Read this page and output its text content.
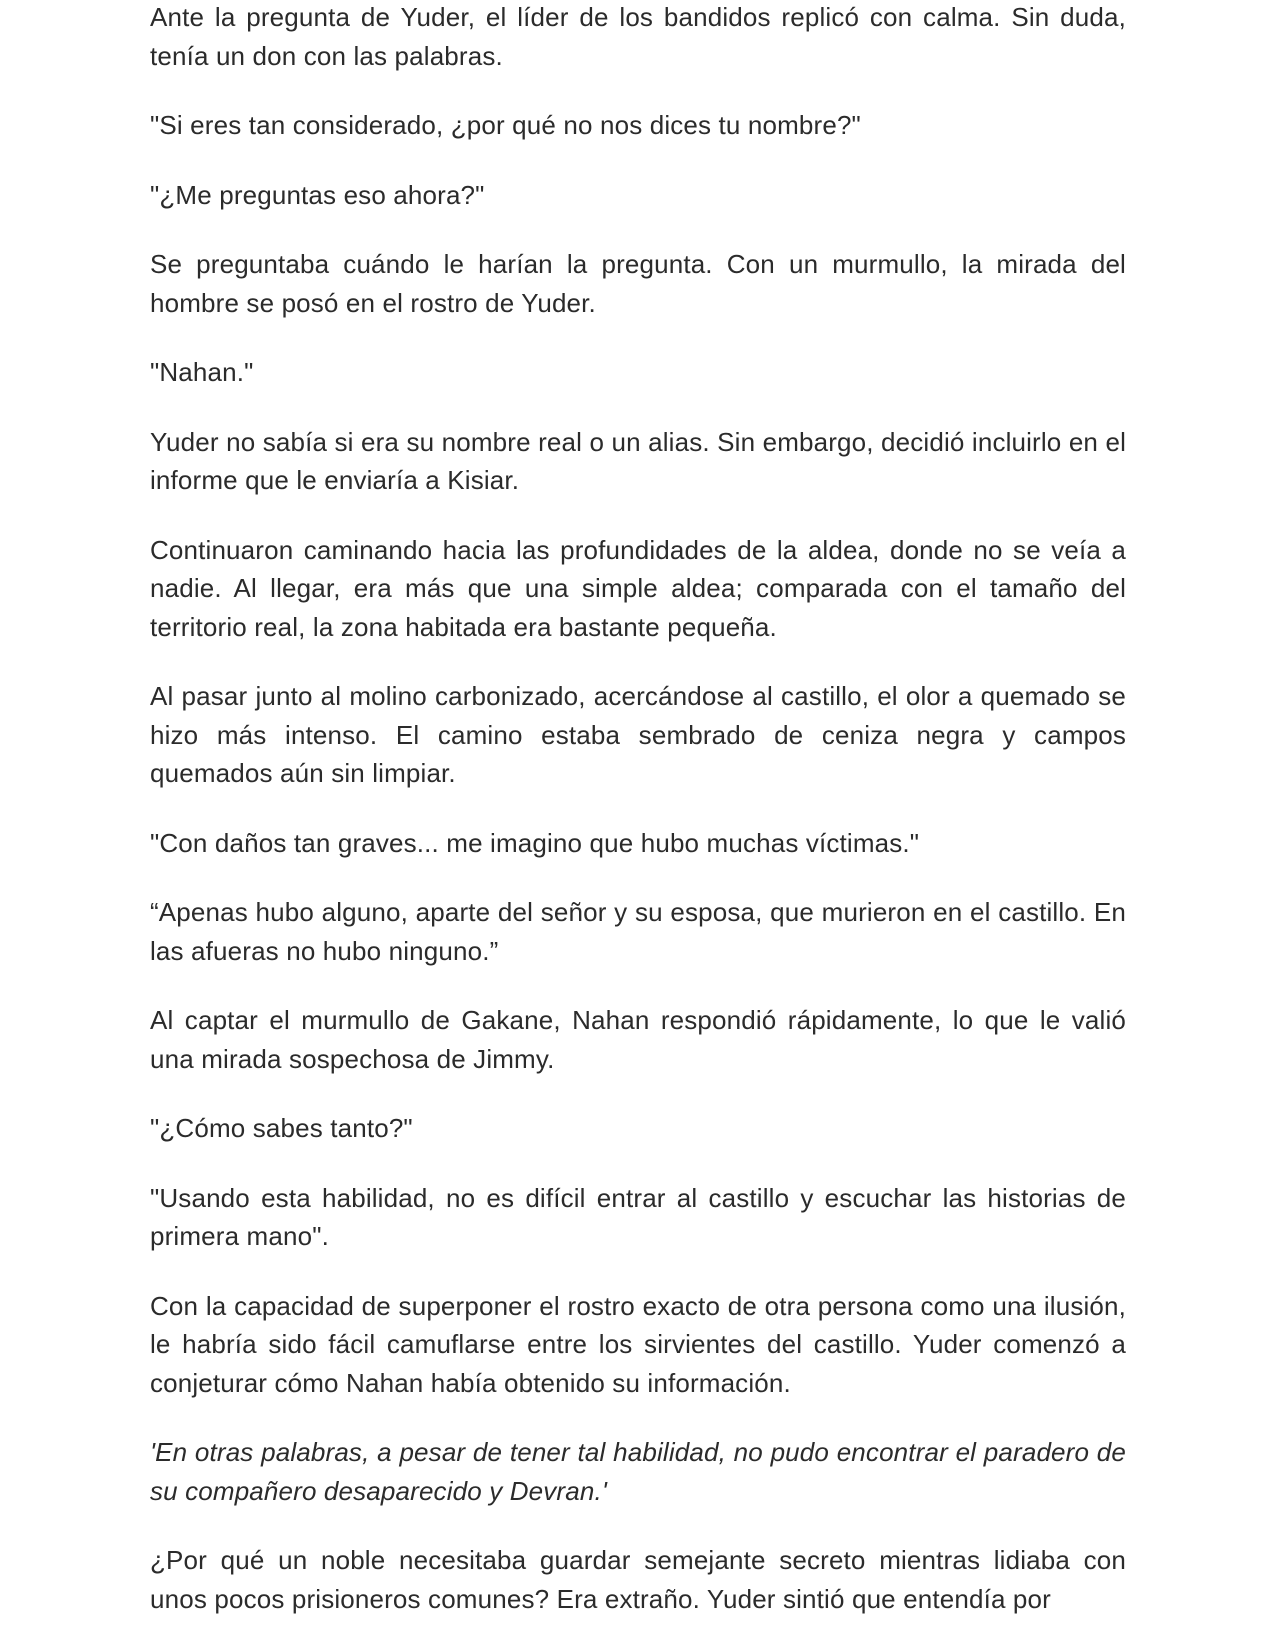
Ante la pregunta de Yuder, el líder de los bandidos replicó con calma. Sin duda, tenía un don con las palabras.

"Si eres tan considerado, ¿por qué no nos dices tu nombre?"

"¿Me preguntas eso ahora?"

Se preguntaba cuándo le harían la pregunta. Con un murmullo, la mirada del hombre se posó en el rostro de Yuder.

"Nahan."

Yuder no sabía si era su nombre real o un alias. Sin embargo, decidió incluirlo en el informe que le enviaría a Kisiar.

Continuaron caminando hacia las profundidades de la aldea, donde no se veía a nadie. Al llegar, era más que una simple aldea; comparada con el tamaño del territorio real, la zona habitada era bastante pequeña.

Al pasar junto al molino carbonizado, acercándose al castillo, el olor a quemado se hizo más intenso. El camino estaba sembrado de ceniza negra y campos quemados aún sin limpiar.

"Con daños tan graves... me imagino que hubo muchas víctimas."

“Apenas hubo alguno, aparte del señor y su esposa, que murieron en el castillo. En las afueras no hubo ninguno.”

Al captar el murmullo de Gakane, Nahan respondió rápidamente, lo que le valió una mirada sospechosa de Jimmy.

"¿Cómo sabes tanto?"

"Usando esta habilidad, no es difícil entrar al castillo y escuchar las historias de primera mano".

Con la capacidad de superponer el rostro exacto de otra persona como una ilusión, le habría sido fácil camuflarse entre los sirvientes del castillo. Yuder comenzó a conjeturar cómo Nahan había obtenido su información.

'En otras palabras, a pesar de tener tal habilidad, no pudo encontrar el paradero de su compañero desaparecido y Devran.'

¿Por qué un noble necesitaba guardar semejante secreto mientras lidiaba con unos pocos prisioneros comunes? Era extraño. Yuder sintió que entendía por
